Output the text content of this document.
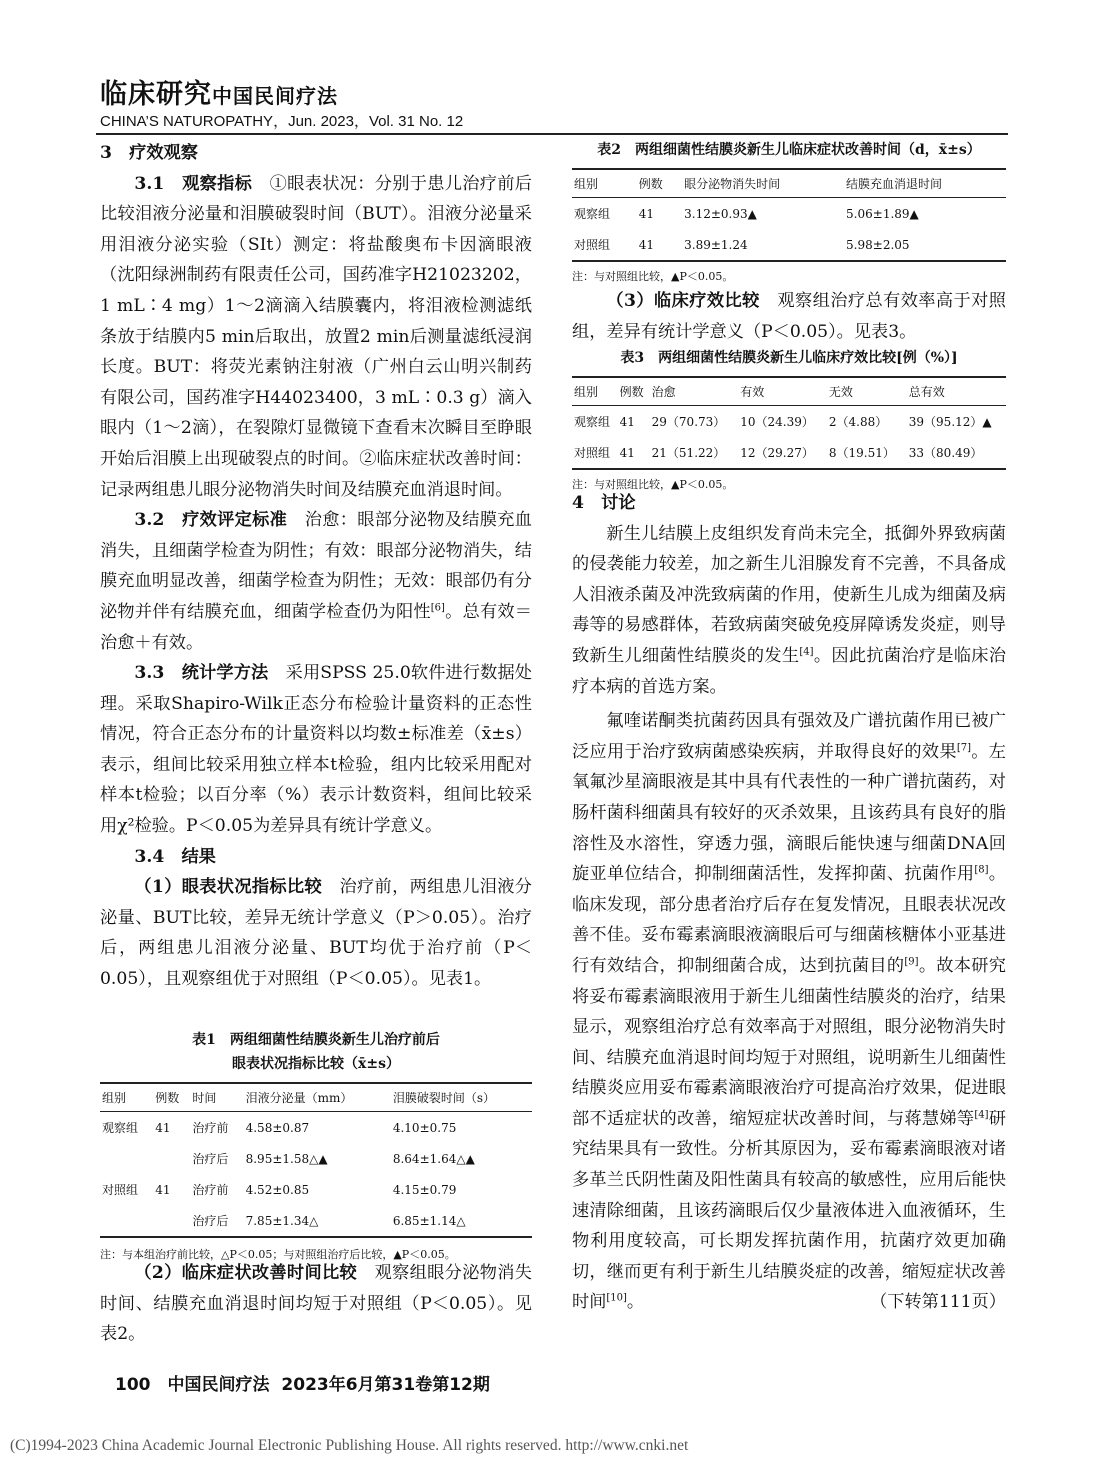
临床研究中国民间疗法
CHINA’S NATUROPATHY，Jun. 2023，Vol. 31 No. 12

3　疗效观察

3.1　观察指标　 ①眼表状况：分别于患儿治疗前后比较泪液分泌量和泪膜破裂时间（BUT）。泪液分泌量采用泪液分泌实验（SIt）测定：将盐酸奥布卡因滴眼液（沈阳绿洲制药有限责任公司，国药准字H21023202，1 mL∶4 mg）1～2滴滴入结膜囊内，将泪液检测滤纸条放于结膜内5 min后取出，放置2 min后测量滤纸浸润长度。BUT：将荧光素钠注射液（广州白云山明兴制药有限公司，国药准字H44023400，3 mL∶0.3 g）滴入眼内（1～2滴），在裂隙灯显微镜下查看末次瞬目至睁眼开始后泪膜上出现破裂点的时间。②临床症状改善时间：记录两组患儿眼分泌物消失时间及结膜充血消退时间。

3.2　疗效评定标准　 治愈：眼部分泌物及结膜充血消失，且细菌学检查为阴性；有效：眼部分泌物消失，结膜充血明显改善，细菌学检查为阴性；无效：眼部仍有分泌物并伴有结膜充血，细菌学检查仍为阳性[6]。总有效＝治愈＋有效。

3.3　统计学方法　 采用SPSS 25.0软件进行数据处理。采取Shapiro-Wilk正态分布检验计量资料的正态性情况，符合正态分布的计量资料以均数±标准差（x̄±s）表示，组间比较采用独立样本t检验，组内比较采用配对样本t检验；以百分率（%）表示计数资料，组间比较采用χ²检验。P＜0.05为差异具有统计学意义。

3.4　结果

（1）眼表状况指标比较　 治疗前，两组患儿泪液分泌量、BUT比较，差异无统计学意义（P＞0.05）。治疗后，两组患儿泪液分泌量、BUT均优于治疗前（P＜0.05），且观察组优于对照组（P＜0.05）。见表1。

表1　两组细菌性结膜炎新生儿治疗前后
眼表状况指标比较（x̄±s）
组别	例数	时间	泪液分泌量（mm）	泪膜破裂时间（s）
观察组	41	治疗前	4.58±0.87	4.10±0.75
		治疗后	8.95±1.58△▲	8.64±1.64△▲
对照组	41	治疗前	4.52±0.85	4.15±0.79
		治疗后	7.85±1.34△	6.85±1.14△
注：与本组治疗前比较，△P＜0.05；与对照组治疗后比较，▲P＜0.05。

（2）临床症状改善时间比较　 观察组眼分泌物消失时间、结膜充血消退时间均短于对照组（P＜0.05）。见表2。

表2　两组细菌性结膜炎新生儿临床症状改善时间（d，x̄±s）
组别	例数	眼分泌物消失时间	结膜充血消退时间
观察组	41	3.12±0.93▲	5.06±1.89▲
对照组	41	3.89±1.24	5.98±2.05
注：与对照组比较，▲P＜0.05。

（3）临床疗效比较　 观察组治疗总有效率高于对照组，差异有统计学意义（P＜0.05）。见表3。

表3　两组细菌性结膜炎新生儿临床疗效比较[例（%）]
组别	例数	治愈	有效	无效	总有效
观察组	41	29（70.73）	10（24.39）	2（4.88）	39（95.12）▲
对照组	41	21（51.22）	12（29.27）	8（19.51）	33（80.49）
注：与对照组比较，▲P＜0.05。

4　讨论

新生儿结膜上皮组织发育尚未完全，抵御外界致病菌的侵袭能力较差，加之新生儿泪腺发育不完善，不具备成人泪液杀菌及冲洗致病菌的作用，使新生儿成为细菌及病毒等的易感群体，若致病菌突破免疫屏障诱发炎症，则导致新生儿细菌性结膜炎的发生[4]。因此抗菌治疗是临床治疗本病的首选方案。

氟喹诺酮类抗菌药因具有强效及广谱抗菌作用已被广泛应用于治疗致病菌感染疾病，并取得良好的效果[7]。左氧氟沙星滴眼液是其中具有代表性的一种广谱抗菌药，对肠杆菌科细菌具有较好的灭杀效果，且该药具有良好的脂溶性及水溶性，穿透力强，滴眼后能快速与细菌DNA回旋亚单位结合，抑制细菌活性，发挥抑菌、抗菌作用[8]。临床发现，部分患者治疗后存在复发情况，且眼表状况改善不佳。妥布霉素滴眼液滴眼后可与细菌核糖体小亚基进行有效结合，抑制细菌合成，达到抗菌目的[9]。故本研究将妥布霉素滴眼液用于新生儿细菌性结膜炎的治疗，结果显示，观察组治疗总有效率高于对照组，眼分泌物消失时间、结膜充血消退时间均短于对照组，说明新生儿细菌性结膜炎应用妥布霉素滴眼液治疗可提高治疗效果，促进眼部不适症状的改善，缩短症状改善时间，与蒋慧娣等[4]研究结果具有一致性。分析其原因为，妥布霉素滴眼液对诸多革兰氏阴性菌及阳性菌具有较高的敏感性，应用后能快速清除细菌，且该药滴眼后仅少量液体进入血液循环，生物利用度较高，可长期发挥抗菌作用，抗菌疗效更加确切，继而更有利于新生儿结膜炎症的改善，缩短症状改善时间[10]。	（下转第111页）

100　 中国民间疗法 2023年6月第31卷第12期
(C)1994-2023 China Academic Journal Electronic Publishing House. All rights reserved. http://www.cnki.net
